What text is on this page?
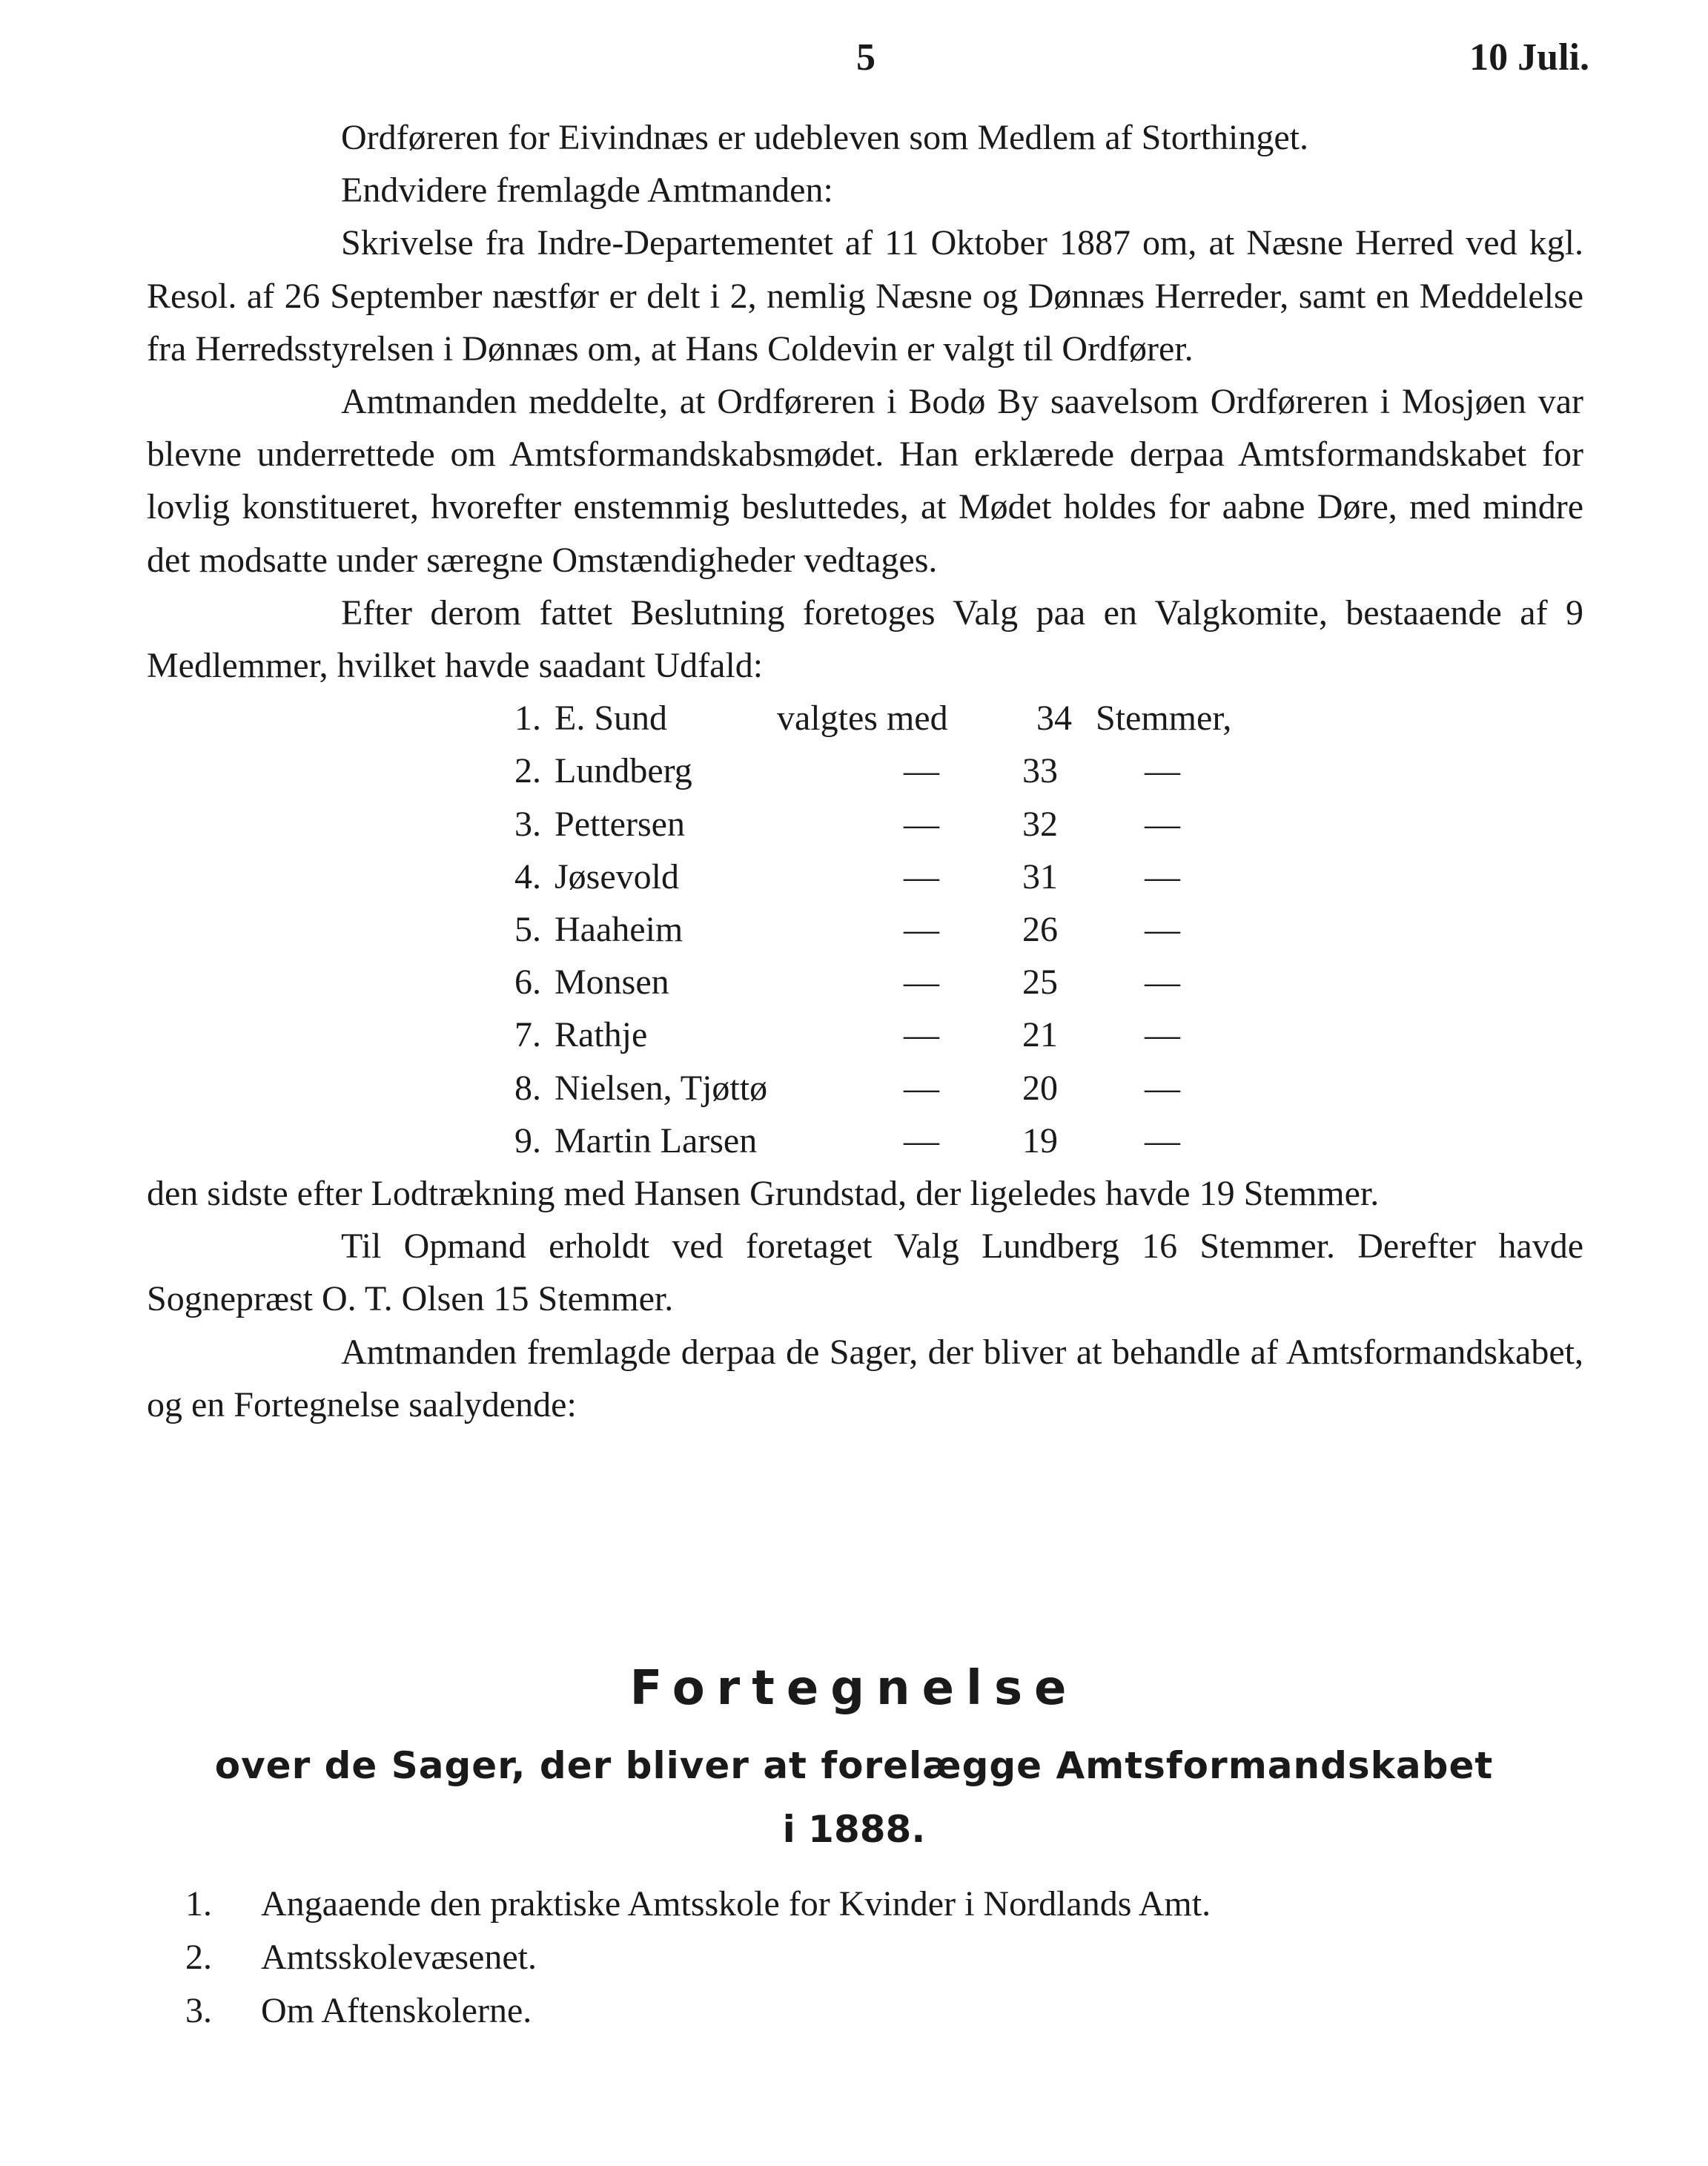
5	10 Juli.

Ordføreren for Eivindnæs er udebleven som Medlem af Storthinget.

Endvidere fremlagde Amtmanden:

Skrivelse fra Indre-Departementet af 11 Oktober 1887 om, at Næsne Herred ved kgl. Resol. af 26 September næstfør er delt i 2, nemlig Næsne og Dønnæs Herreder, samt en Meddelelse fra Herredsstyrelsen i Dønnæs om, at Hans Coldevin er valgt til Ordfører.

Amtmanden meddelte, at Ordføreren i Bodø By saavelsom Ordføreren i Mosjøen var blevne underrettede om Amtsformandskabsmødet. Han erklærede derpaa Amtsformandskabet for lovlig konstitueret, hvorefter enstemmig besluttedes, at Mødet holdes for aabne Døre, med mindre det modsatte under særegne Omstændigheder vedtages.

Efter derom fattet Beslutning foretoges Valg paa en Valgkomite, bestaaende af 9 Medlemmer, hvilket havde saadant Udfald:

1. E. Sund	valgtes med 34 Stemmer,
2. Lundberg	—	33	—
3. Pettersen	—	32	—
4. Jøsevold	—	31	—
5. Haaheim	—	26	—
6. Monsen	—	25	—
7. Rathje	—	21	—
8. Nielsen, Tjøttø	—	20	—
9. Martin Larsen	—	19	—

den sidste efter Lodtrækning med Hansen Grundstad, der ligeledes havde 19 Stemmer.

Til Opmand erholdt ved foretaget Valg Lundberg 16 Stemmer. Derefter havde Sognepræst O. T. Olsen 15 Stemmer.

Amtmanden fremlagde derpaa de Sager, der bliver at behandle af Amtsformandskabet, og en Fortegnelse saalydende:

Fortegnelse
over de Sager, der bliver at forelægge Amtsformandskabet
i 1888.
1. Angaaende den praktiske Amtsskole for Kvinder i Nordlands Amt.
2. Amtsskolevæsenet.
3. Om Aftenskolerne.
